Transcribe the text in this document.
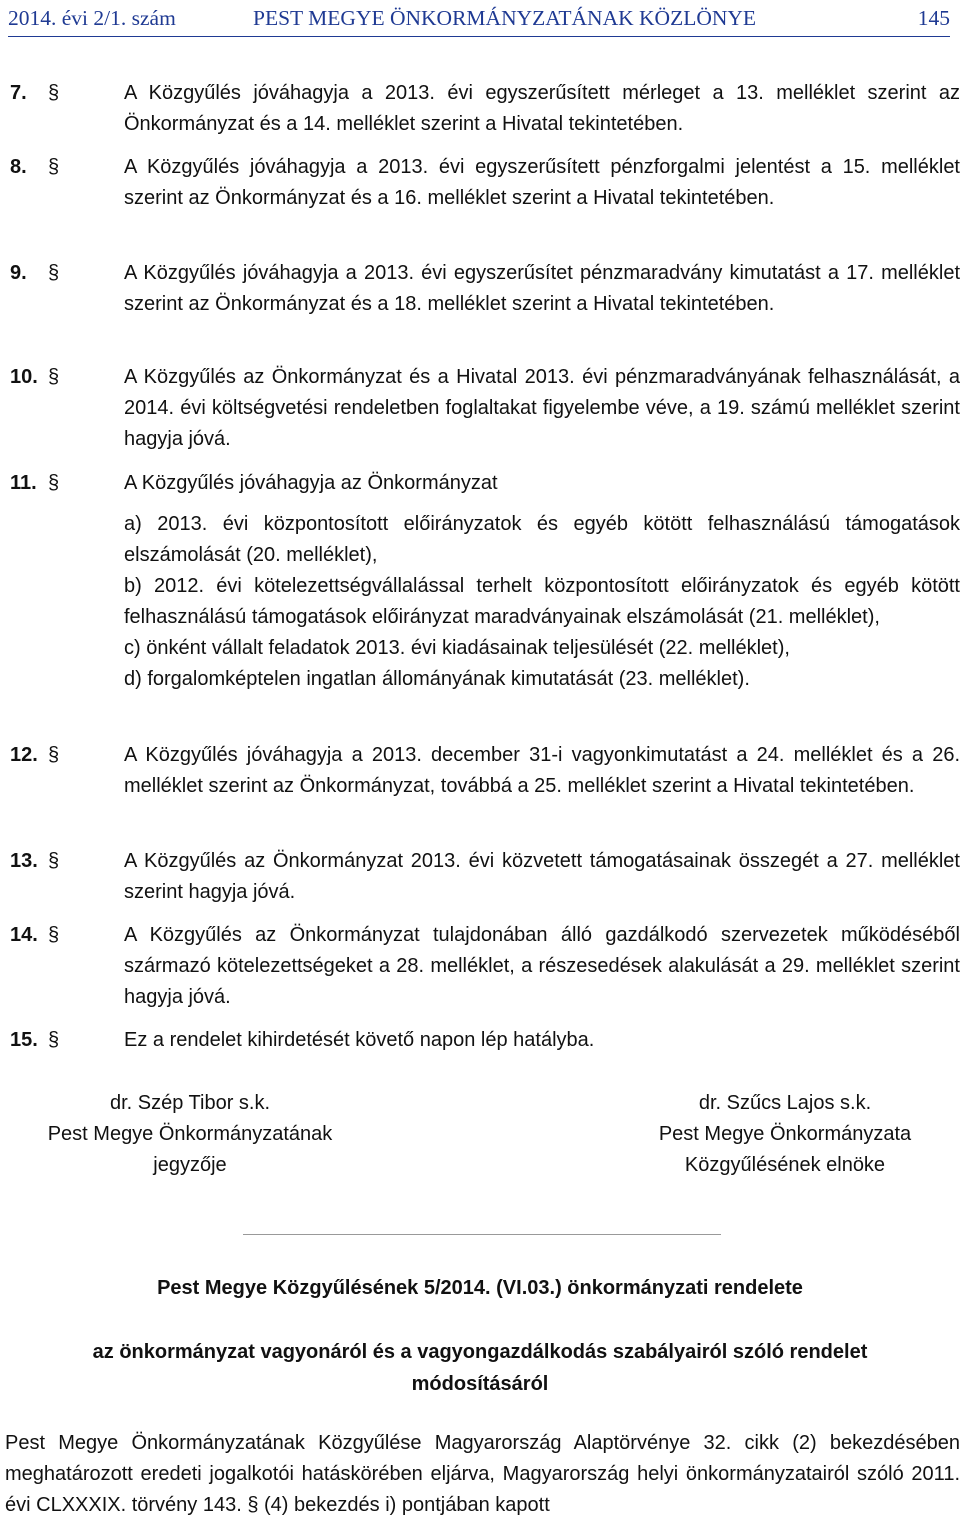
2014. évi 2/1. szám	PEST MEGYE ÖNKORMÁNYZATÁNAK KÖZLÖNYE	145
7. §	A Közgyűlés jóváhagyja a 2013. évi egyszerűsített mérleget a 13. melléklet szerint az Önkormányzat és a 14. melléklet szerint a Hivatal tekintetében.
8. §	A Közgyűlés jóváhagyja a 2013. évi egyszerűsített pénzforgalmi jelentést a 15. melléklet szerint az Önkormányzat és a 16. melléklet szerint a Hivatal tekintetében.
9. §	A Közgyűlés jóváhagyja a 2013. évi egyszerűsítet pénzmaradvány kimutatást a 17. melléklet szerint az Önkormányzat és a 18. melléklet szerint a Hivatal tekintetében.
10. §	A Közgyűlés az Önkormányzat és a Hivatal 2013. évi pénzmaradványának felhasználását, a 2014. évi költségvetési rendeletben foglaltakat figyelembe véve, a 19. számú melléklet szerint hagyja jóvá.
11. §	A Közgyűlés jóváhagyja az Önkormányzat
a) 2013. évi központosított előirányzatok és egyéb kötött felhasználású támogatások elszámolását (20. melléklet),
b) 2012. évi kötelezettségvállalással terhelt központosított előirányzatok és egyéb kötött felhasználású támogatások előirányzat maradványainak elszámolását (21. melléklet),
c) önként vállalt feladatok 2013. évi kiadásainak teljesülését (22. melléklet),
d) forgalomképtelen ingatlan állományának kimutatását (23. melléklet).
12. §	A Közgyűlés jóváhagyja a 2013. december 31-i vagyonkimutatást a 24. melléklet és a 26. melléklet szerint az Önkormányzat, továbbá a 25. melléklet szerint a Hivatal tekintetében.
13. §	A Közgyűlés az Önkormányzat 2013. évi közvetett támogatásainak összegét a 27. melléklet szerint hagyja jóvá.
14. §	A Közgyűlés az Önkormányzat tulajdonában álló gazdálkodó szervezetek működéséből származó kötelezettségeket a 28. melléklet, a részesedések alakulását a 29. melléklet szerint hagyja jóvá.
15. §	Ez a rendelet kihirdetését követő napon lép hatályba.
dr. Szép Tibor s.k.
Pest Megye Önkormányzatának
jegyzője
dr. Szűcs Lajos s.k.
Pest Megye Önkormányzata
Közgyűlésének elnöke
Pest Megye Közgyűlésének 5/2014. (VI.03.) önkormányzati rendelete
az önkormányzat vagyonáról és a vagyongazdálkodás szabályairól szóló rendelet módosításáról
Pest Megye Önkormányzatának Közgyűlése Magyarország Alaptörvénye 32. cikk (2) bekezdésében meghatározott eredeti jogalkotói hatáskörében eljárva, Magyarország helyi önkormányzatairól szóló 2011. évi CLXXXIX. törvény 143. § (4) bekezdés i) pontjában kapott
